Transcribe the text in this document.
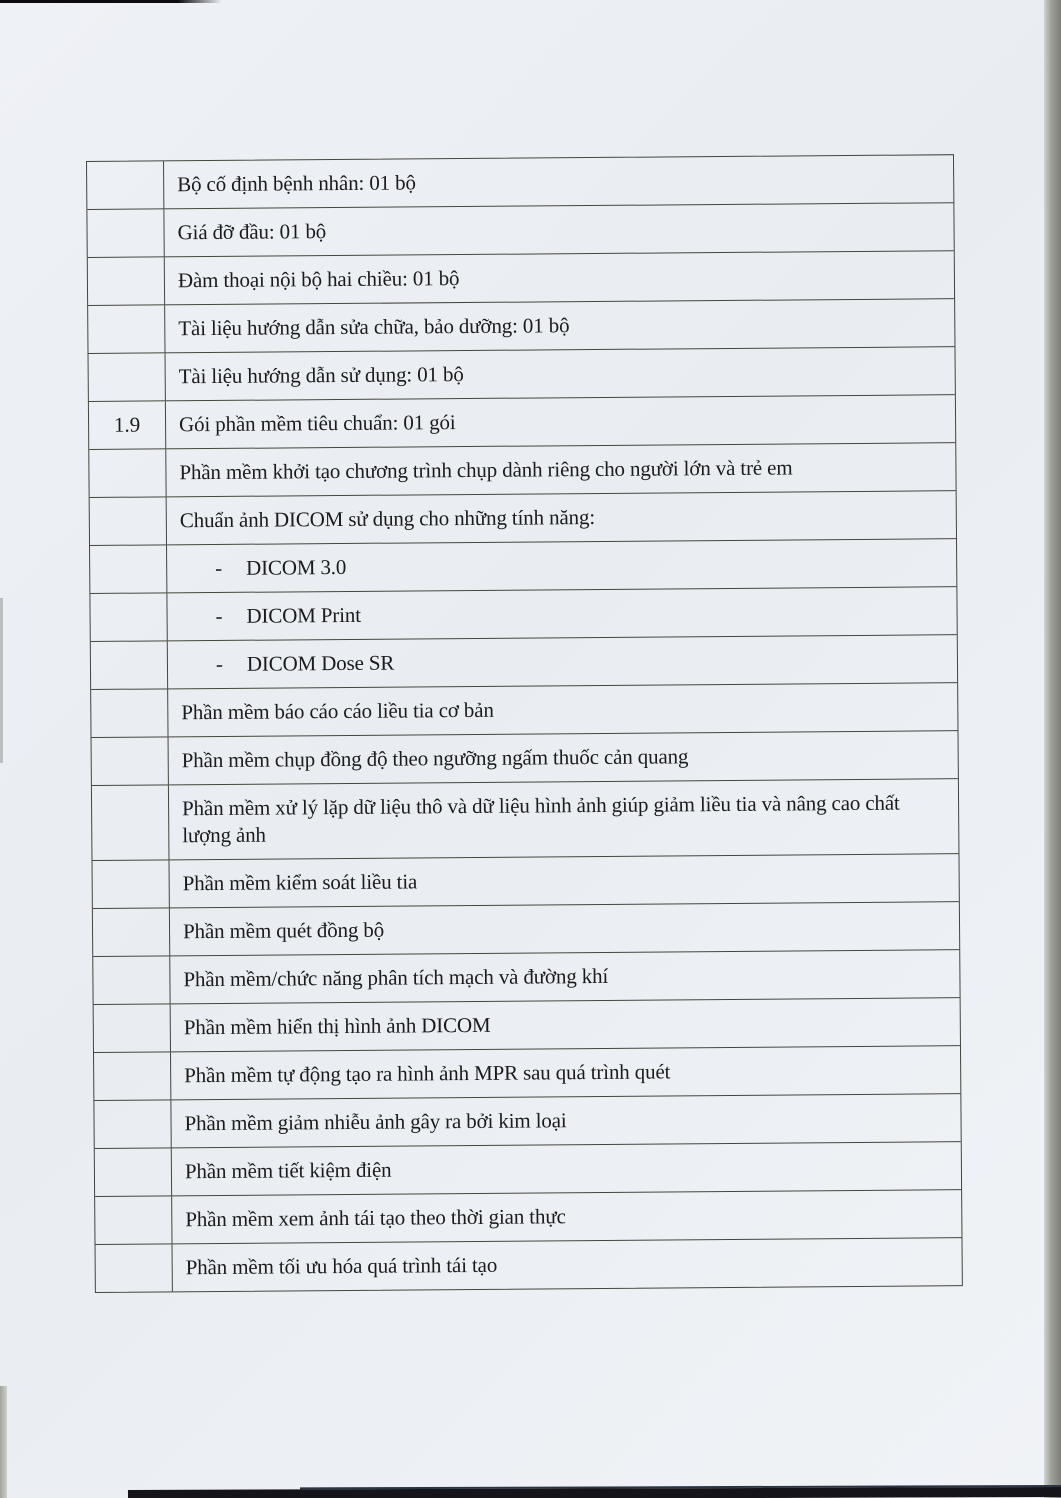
Bộ cố định bệnh nhân: 01 bộ
Giá đỡ đầu: 01 bộ
Đàm thoại nội bộ hai chiều: 01 bộ
Tài liệu hướng dẫn sửa chữa, bảo dưỡng: 01 bộ
Tài liệu hướng dẫn sử dụng: 01 bộ
1.9	Gói phần mềm tiêu chuẩn: 01 gói
Phần mềm khởi tạo chương trình chụp dành riêng cho người lớn và trẻ em
Chuẩn ảnh DICOM sử dụng cho những tính năng:
- DICOM 3.0
- DICOM Print
- DICOM Dose SR
Phần mềm báo cáo cáo liều tia cơ bản
Phần mềm chụp đồng độ theo ngưỡng ngấm thuốc cản quang
Phần mềm xử lý lặp dữ liệu thô và dữ liệu hình ảnh giúp giảm liều tia và nâng cao chất
lượng ảnh
Phần mềm kiểm soát liều tia
Phần mềm quét đồng bộ
Phần mềm/chức năng phân tích mạch và đường khí
Phần mềm hiển thị hình ảnh DICOM
Phần mềm tự động tạo ra hình ảnh MPR sau quá trình quét
Phần mềm giảm nhiễu ảnh gây ra bởi kim loại
Phần mềm tiết kiệm điện
Phần mềm xem ảnh tái tạo theo thời gian thực
Phần mềm tối ưu hóa quá trình tái tạo
